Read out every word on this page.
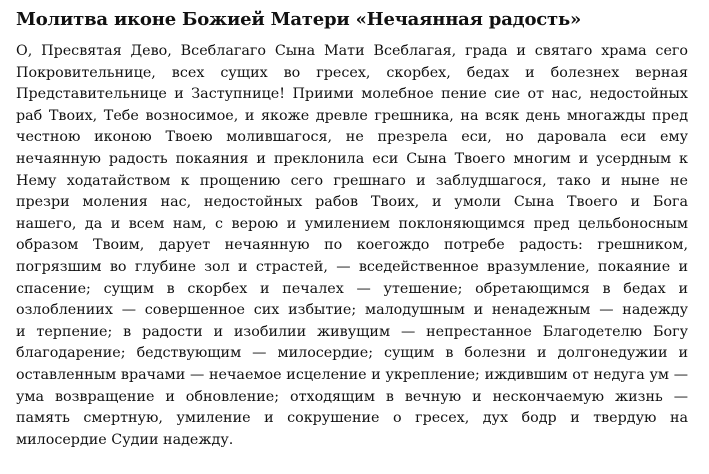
Молитва иконе Божией Матери «Нечаянная радость»
О, Пресвятая Дево, Всеблагаго Сына Мати Всеблагая, града и святаго храма сего
Покровительнице, всех сущих во гресех, скорбех, бедах и болезнех верная
Представительнице и Заступнице! Приими молебное пение сие от нас, недостойных
раб Твоих, Тебе возносимое, и якоже древле грешника, на всяк день многажды пред
честною иконою Твоею молившагося, не презрела еси, но даровала еси ему
нечаянную радость покаяния и преклонила еси Сына Твоего многим и усердным к
Нему ходатайством к прощению сего грешнаго и заблудшагося, тако и ныне не
презри моления нас, недостойных рабов Твоих, и умоли Сына Твоего и Бога
нашего, да и всем нам, с верою и умилением поклоняющимся пред цельбоносным
образом Твоим, дарует нечаянную по коегождо потребе радость: грешником,
погрязшим во глубине зол и страстей, — вседейственное вразумление, покаяние и
спасение; сущим в скорбех и печалех — утешение; обретающимся в бедах и
озлоблениих — совершенное сих избытие; малодушным и ненадежным — надежду
и терпение; в радости и изобилии живущим — непрестанное Благодетелю Богу
благодарение; бедствующим — милосердие; сущим в болезни и долгонедужии и
оставленным врачами — нечаемое исцеление и укрепление; иждившим от недуга ум —
ума возвращение и обновление; отходящим в вечную и нескончаемую жизнь —
память смертную, умиление и сокрушение о гресех, дух бодр и твердую на
милосердие Судии надежду.
